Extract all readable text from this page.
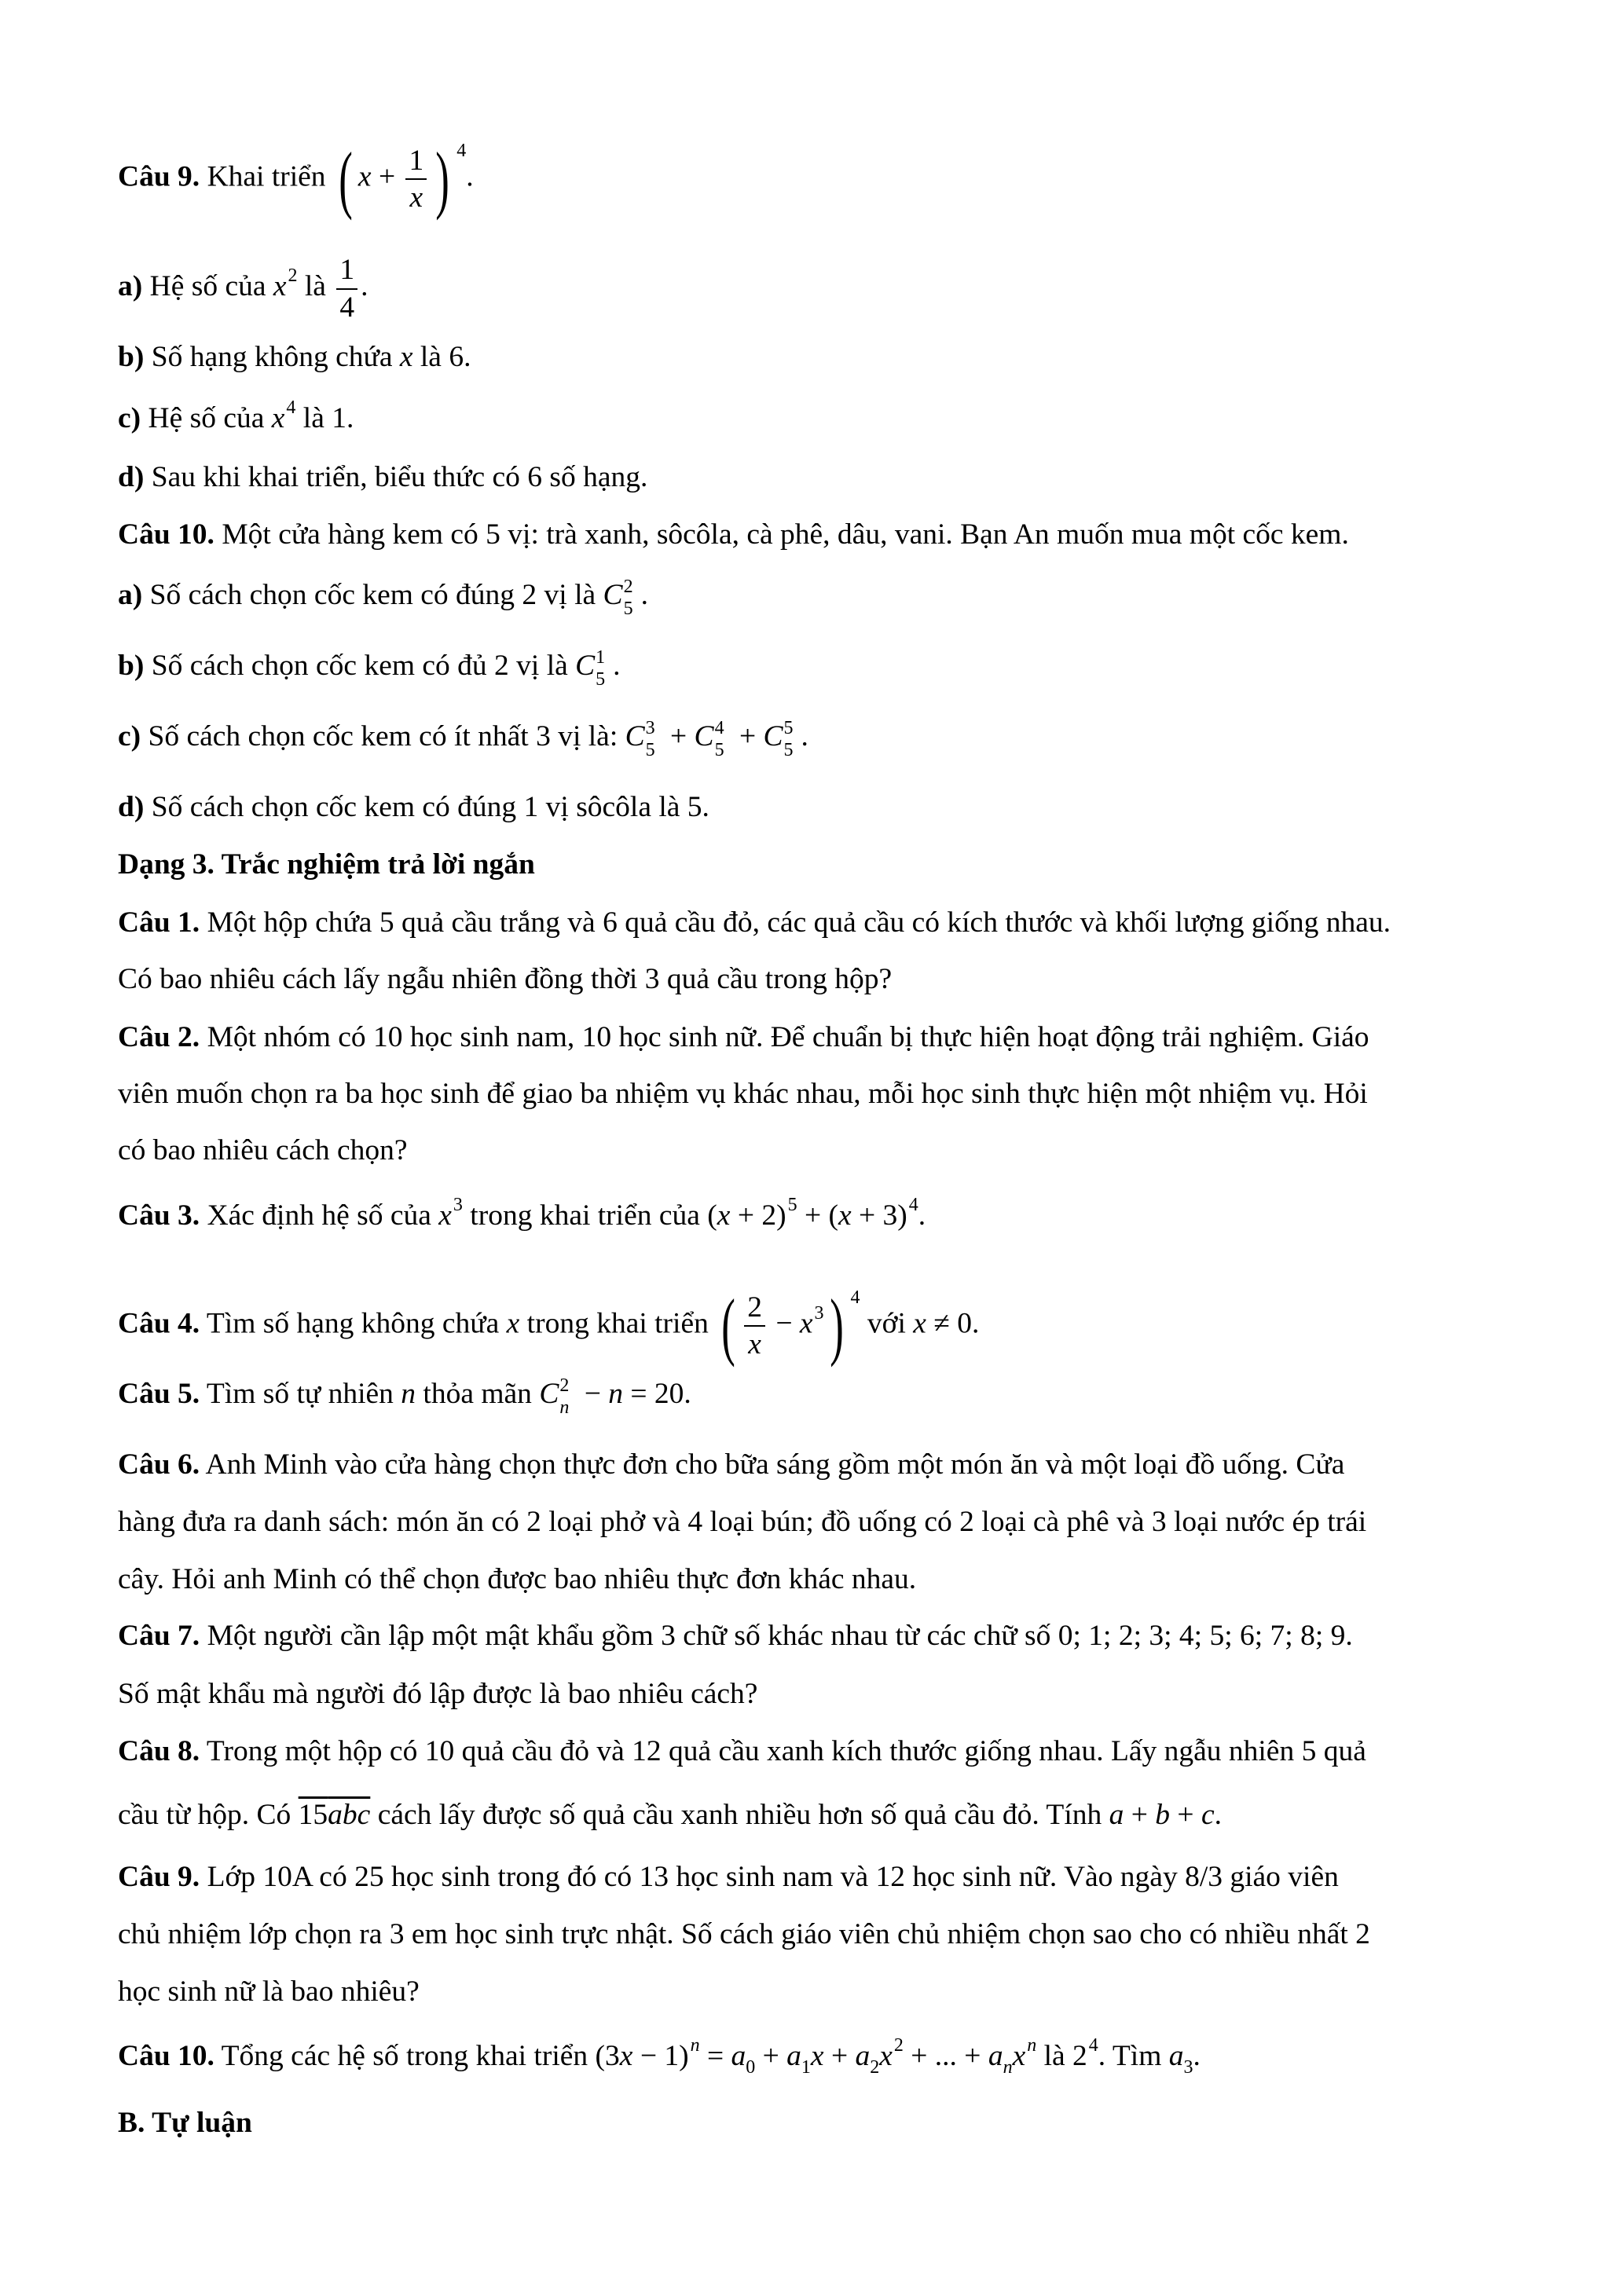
Câu 9. Khai triển ( $x + \frac{1}{x}$ ) $^4$.
a) Hệ số của $x^2$ là $\frac{1}{4}$ .
b) Số hạng không chứa x là 6.
c) Hệ số của $x^4$ là 1.
d) Sau khi khai triển, biểu thức có 6 số hạng.
Câu 10. Một cửa hàng kem có 5 vị: trà xanh, sôcôla, cà phê, dâu, vani. Bạn An muốn mua một cốc kem.
a) Số cách chọn cốc kem có đúng 2 vị là C 2
5 .
b) Số cách chọn cốc kem có đủ 2 vị là C 1
5 .
c) Số cách chọn cốc kem có ít nhất 3 vị là: C 3
5 + C 4
5 + C 5
5 .
d) Số cách chọn cốc kem có đúng 1 vị sôcôla là 5.
Dạng 3. Trắc nghiệm trả lời ngắn
Câu 1. Một hộp chứa 5 quả cầu trắng và 6 quả cầu đỏ, các quả cầu có kích thước và khối lượng giống nhau.
Có bao nhiêu cách lấy ngẫu nhiên đồng thời 3 quả cầu trong hộp?
Câu 2. Một nhóm có 10 học sinh nam, 10 học sinh nữ. Để chuẩn bị thực hiện hoạt động trải nghiệm. Giáo
viên muốn chọn ra ba học sinh để giao ba nhiệm vụ khác nhau, mỗi học sinh thực hiện một nhiệm vụ. Hỏi
có bao nhiêu cách chọn?
Câu 3. Xác định hệ số của $x^3$ trong khai triển của $(x + 2)^5 + (x + 3)^4$.
Câu 4. Tìm số hạng không chứa x trong khai triển ( $\frac{2}{x} - x^3$) $^4$ với x ≠ 0.
Câu 5. Tìm số tự nhiên n thỏa mãn C 2
n − n = 20.
Câu 6. Anh Minh vào cửa hàng chọn thực đơn cho bữa sáng gồm một món ăn và một loại đồ uống. Cửa
hàng đưa ra danh sách: món ăn có 2 loại phở và 4 loại bún; đồ uống có 2 loại cà phê và 3 loại nước ép trái
cây. Hỏi anh Minh có thể chọn được bao nhiêu thực đơn khác nhau.
Câu 7. Một người cần lập một mật khẩu gồm 3 chữ số khác nhau từ các chữ số 0; 1; 2; 3; 4; 5; 6; 7; 8; 9.
Số mật khẩu mà người đó lập được là bao nhiêu cách?
Câu 8. Trong một hộp có 10 quả cầu đỏ và 12 quả cầu xanh kích thước giống nhau. Lấy ngẫu nhiên 5 quả
cầu từ hộp. Có 15abc cách lấy được số quả cầu xanh nhiều hơn số quả cầu đỏ. Tính a + b + c.
Câu 9. Lớp 10A có 25 học sinh trong đó có 13 học sinh nam và 12 học sinh nữ. Vào ngày 8/3 giáo viên
chủ nhiệm lớp chọn ra 3 em học sinh trực nhật. Số cách giáo viên chủ nhiệm chọn sao cho có nhiều nhất 2
học sinh nữ là bao nhiêu?
Câu 10. Tổng các hệ số trong khai triển $(3x - 1)^n = a_0 + a_1x + a_2x^2$ + ... + $a_nx^n$ là $2^4$. Tìm $a_3$.
B. Tự luận
